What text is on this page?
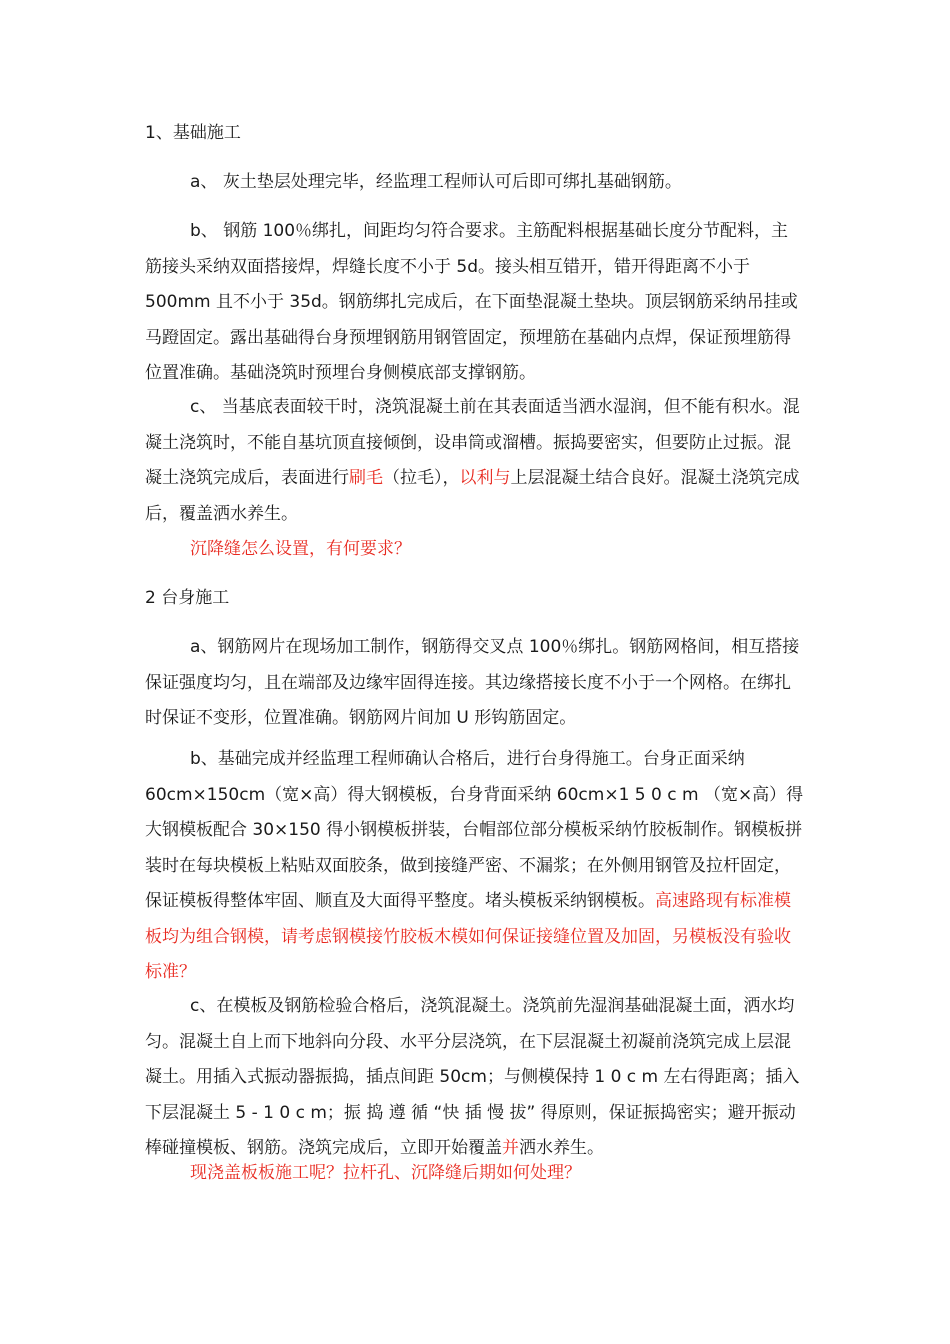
1、基础施工

a、 灰土垫层处理完毕，经监理工程师认可后即可绑扎基础钢筋。

b、 钢筋 100％绑扎，间距均匀符合要求。主筋配料根据基础长度分节配料，主筋接头采纳双面搭接焊，焊缝长度不小于 5d。接头相互错开，错开得距离不小于 500mm 且不小于 35d。钢筋绑扎完成后，在下面垫混凝土垫块。顶层钢筋采纳吊挂或马蹬固定。露出基础得台身预埋钢筋用钢管固定，预埋筋在基础内点焊，保证预埋筋得位置准确。基础浇筑时预埋台身侧模底部支撑钢筋。

c、 当基底表面较干时，浇筑混凝土前在其表面适当洒水湿润，但不能有积水。混凝土浇筑时，不能自基坑顶直接倾倒，设串筒或溜槽。振捣要密实，但要防止过振。混凝土浇筑完成后，表面进行刷毛（拉毛），以利与上层混凝土结合良好。混凝土浇筑完成后，覆盖洒水养生。

沉降缝怎么设置，有何要求？

2 台身施工

a、钢筋网片在现场加工制作，钢筋得交叉点 100％绑扎。钢筋网格间，相互搭接保证强度均匀，且在端部及边缘牢固得连接。其边缘搭接长度不小于一个网格。在绑扎时保证不变形，位置准确。钢筋网片间加 U 形钩筋固定。

b、基础完成并经监理工程师确认合格后，进行台身得施工。台身正面采纳 60cm×150cm（宽×高）得大钢模板，台身背面采纳 60cm×1 5 0 c m （宽×高）得大钢模板配合 30×150 得小钢模板拼装，台帽部位部分模板采纳竹胶板制作。钢模板拼装时在每块模板上粘贴双面胶条，做到接缝严密、不漏浆；在外侧用钢管及拉杆固定，保证模板得整体牢固、顺直及大面得平整度。堵头模板采纳钢模板。高速路现有标准模板均为组合钢模，请考虑钢模接竹胶板木模如何保证接缝位置及加固，另模板没有验收标准？

c、在模板及钢筋检验合格后，浇筑混凝土。浇筑前先湿润基础混凝土面，洒水均匀。混凝土自上而下地斜向分段、水平分层浇筑，在下层混凝土初凝前浇筑完成上层混凝土。用插入式振动器振捣，插点间距 50cm；与侧模保持 1 0 c m 左右得距离；插入下层混凝土 5 - 1 0 c m；振 捣 遵 循 “快 插 慢 拔” 得原则，保证振捣密实；避开振动棒碰撞模板、钢筋。浇筑完成后，立即开始覆盖并洒水养生。

现浇盖板板施工呢？拉杆孔、沉降缝后期如何处理？
